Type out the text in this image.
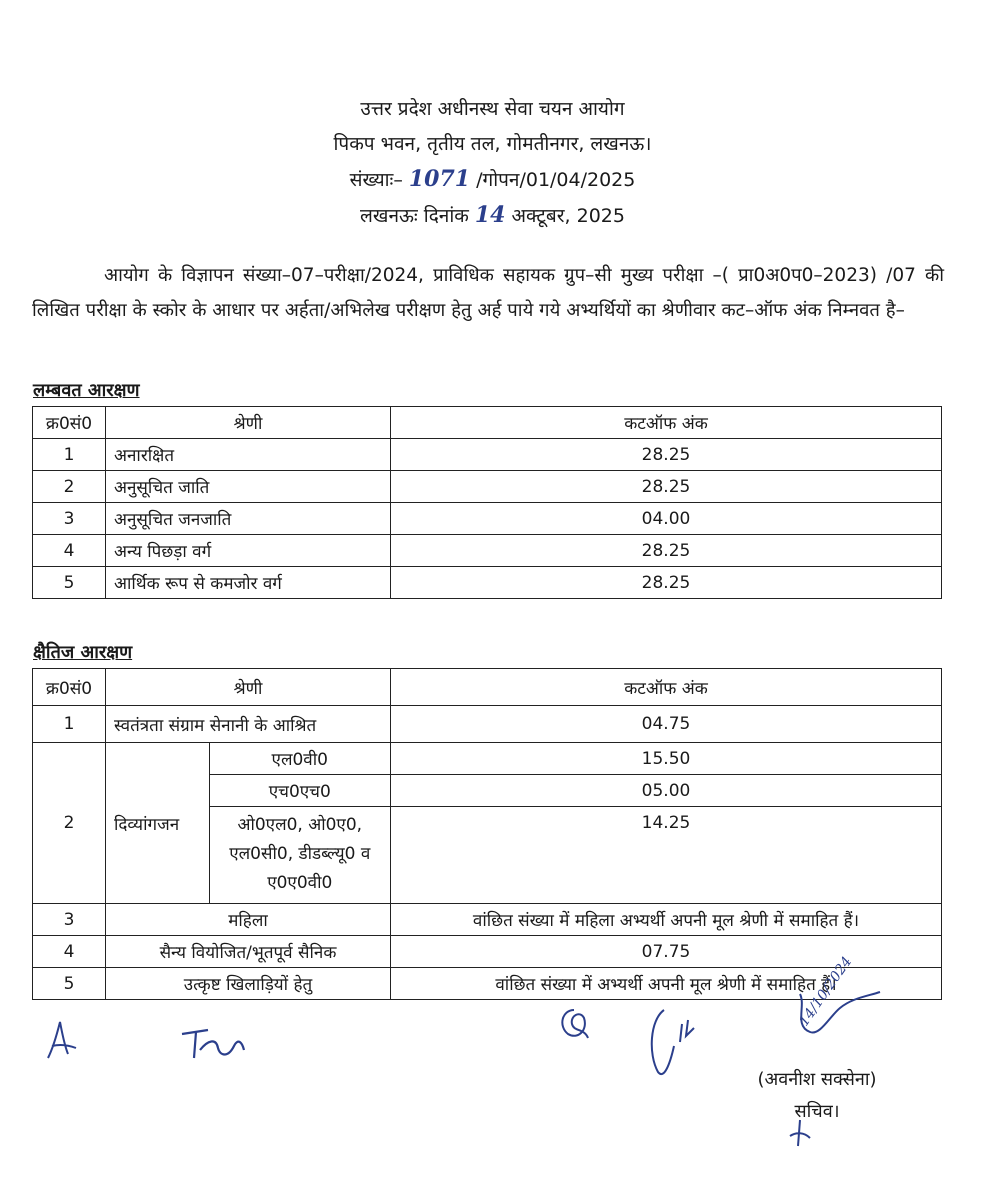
उत्तर प्रदेश अधीनस्थ सेवा चयन आयोग
पिकप भवन, तृतीय तल, गोमतीनगर, लखनऊ।
संख्याः– 1071 /गोपन/01/04/2025
लखनऊः दिनांक 14 अक्टूबर, 2025
आयोग के विज्ञापन संख्या–07–परीक्षा/2024, प्राविधिक सहायक ग्रुप–सी मुख्य परीक्षा –( प्रा0अ0प0–2023) /07 की लिखित परीक्षा के स्कोर के आधार पर अर्हता/अभिलेख परीक्षण हेतु अर्ह पाये गये अभ्यर्थियों का श्रेणीवार कट–ऑफ अंक निम्नवत है–
लम्बवत आरक्षण
क्र0सं0	श्रेणी	कटऑफ अंक
1	अनारक्षित	28.25
2	अनुसूचित जाति	28.25
3	अनुसूचित जनजाति	04.00
4	अन्य पिछड़ा वर्ग	28.25
5	आर्थिक रूप से कमजोर वर्ग	28.25
क्षैतिज आरक्षण
क्र0सं0	श्रेणी		कटऑफ अंक
1	स्वतंत्रता संग्राम सेनानी के आश्रित		04.75
2	दिव्यांगजन	एल0वी0	15.50
		एच0एच0	05.00
		ओ0एल0, ओ0ए0, एल0सी0, डीडब्ल्यू0 व ए0ए0वी0	14.25
3	महिला		वांछित संख्या में महिला अभ्यर्थी अपनी मूल श्रेणी में समाहित हैं।
4	सैन्य वियोजित/भूतपूर्व सैनिक		07.75
5	उत्कृष्ट खिलाड़ियों हेतु		वांछित संख्या में अभ्यर्थी अपनी मूल श्रेणी में समाहित हैं।
14/10/2024
(अवनीश सक्सेना)
सचिव।
